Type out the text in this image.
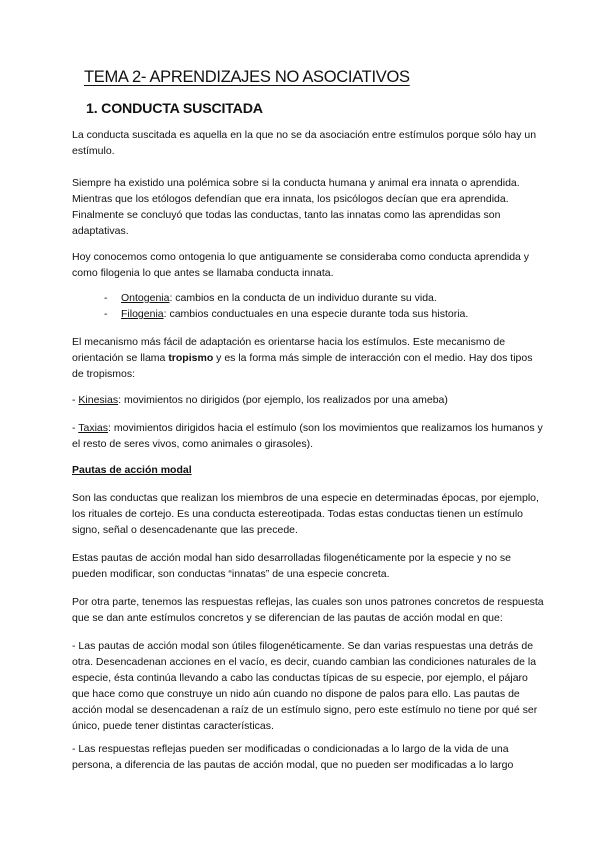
TEMA 2- APRENDIZAJES NO ASOCIATIVOS
1. CONDUCTA SUSCITADA

La conducta suscitada es aquella en la que no se da asociación entre estímulos porque sólo hay un estímulo.

Siempre ha existido una polémica sobre si la conducta humana y animal era innata o aprendida. Mientras que los etólogos defendían que era innata, los psicólogos decían que era aprendida. Finalmente se concluyó que todas las conductas, tanto las innatas como las aprendidas son adaptativas.

Hoy conocemos como ontogenia lo que antiguamente se consideraba como conducta aprendida y como filogenia lo que antes se llamaba conducta innata.

- Ontogenia: cambios en la conducta de un individuo durante su vida.
- Filogenia: cambios conductuales en una especie durante toda sus historia.

El mecanismo más fácil de adaptación es orientarse hacia los estímulos. Este mecanismo de orientación se llama tropismo y es la forma más simple de interacción con el medio. Hay dos tipos de tropismos:

- Kinesias: movimientos no dirigidos (por ejemplo, los realizados por una ameba)

- Taxias: movimientos dirigidos hacia el estímulo (son los movimientos que realizamos los humanos y el resto de seres vivos, como animales o girasoles).

Pautas de acción modal

Son las conductas que realizan los miembros de una especie en determinadas épocas, por ejemplo, los rituales de cortejo. Es una conducta estereotipada. Todas estas conductas tienen un estímulo signo, señal o desencadenante que las precede.

Estas pautas de acción modal han sido desarrolladas filogenéticamente por la especie y no se pueden modificar, son conductas “innatas” de una especie concreta.

Por otra parte, tenemos las respuestas reflejas, las cuales son unos patrones concretos de respuesta que se dan ante estímulos concretos y se diferencian de las pautas de acción modal en que:

- Las pautas de acción modal son útiles filogenéticamente. Se dan varias respuestas una detrás de otra. Desencadenan acciones en el vacío, es decir, cuando cambian las condiciones naturales de la especie, ésta continúa llevando a cabo las conductas típicas de su especie, por ejemplo, el pájaro que hace como que construye un nido aún cuando no dispone de palos para ello. Las pautas de acción modal se desencadenan a raíz de un estímulo signo, pero este estímulo no tiene por qué ser único, puede tener distintas características.

- Las respuestas reflejas pueden ser modificadas o condicionadas a lo largo de la vida de una persona, a diferencia de las pautas de acción modal, que no pueden ser modificadas a lo largo
